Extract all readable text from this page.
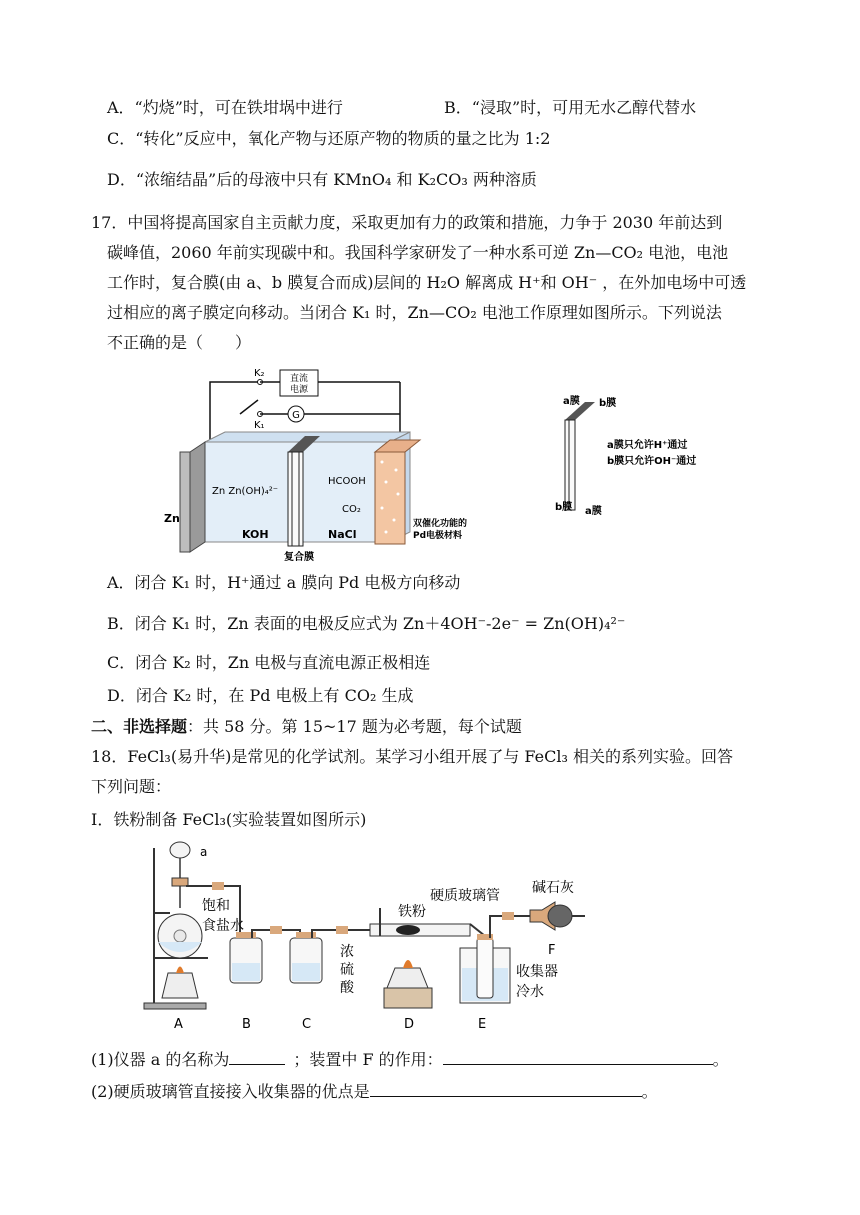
A．“灼烧”时，可在铁坩埚中进行	B．“浸取”时，可用无水乙醇代替水
C．“转化”反应中，氧化产物与还原产物的物质的量之比为 1:2
D．“浓缩结晶”后的母液中只有 KMnO₄ 和 K₂CO₃ 两种溶质
17．中国将提高国家自主贡献力度，采取更加有力的政策和措施，力争于 2030 年前达到
碳峰值，2060 年前实现碳中和。我国科学家研发了一种水系可逆 Zn—CO₂ 电池，电池
工作时，复合膜(由 a、b 膜复合而成)层间的 H₂O 解离成 H⁺和 OH⁻ ，在外加电场中可透
过相应的离子膜定向移动。当闭合 K₁ 时，Zn—CO₂ 电池工作原理如图所示。下列说法
不正确的是（　　）
直流
电源
G
K₂
K₁
Zn
Zn Zn(OH)₄²⁻
KOH
复合膜
HCOOH
CO₂
NaCl
双催化功能的
Pd电极材料
a膜 b膜
b膜 a膜
a膜只允许H⁺通过
b膜只允许OH⁻通过
A．闭合 K₁ 时，H⁺通过 a 膜向 Pd 电极方向移动
B．闭合 K₁ 时，Zn 表面的电极反应式为 Zn＋4OH⁻-2e⁻ = Zn(OH)₄²⁻
C．闭合 K₂ 时，Zn 电极与直流电源正极相连
D．闭合 K₂ 时，在 Pd 电极上有 CO₂ 生成
二、非选择题：共 58 分。第 15~17 题为必考题，每个试题
18．FeCl₃(易升华)是常见的化学试剂。某学习小组开展了与 FeCl₃ 相关的系列实验。回答
下列问题：
Ⅰ．铁粉制备 FeCl₃(实验装置如图所示)
a
饱和
食盐水
浓
硫
酸
铁粉
硬质玻璃管
收集器
冷水
碱石灰
A	B	C	D	E
F
(1)仪器 a 的名称为	；装置中 F 的作用：	。
(2)硬质玻璃管直接接入收集器的优点是	。
